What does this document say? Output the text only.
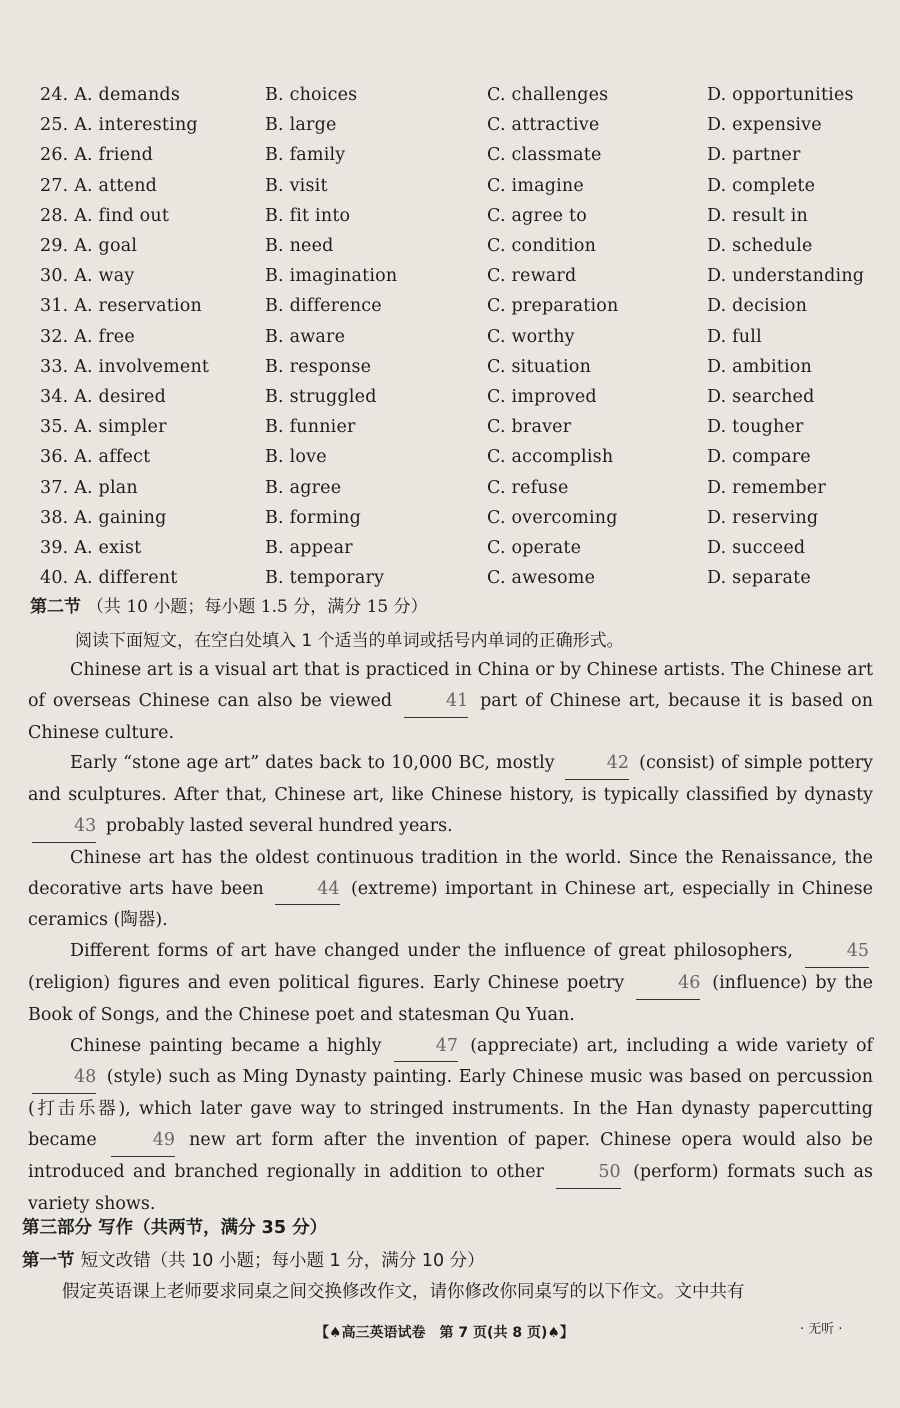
24. A. demands	B. choices	C. challenges	D. opportunities
25. A. interesting	B. large	C. attractive	D. expensive
26. A. friend	B. family	C. classmate	D. partner
27. A. attend	B. visit	C. imagine	D. complete
28. A. find out	B. fit into	C. agree to	D. result in
29. A. goal	B. need	C. condition	D. schedule
30. A. way	B. imagination	C. reward	D. understanding
31. A. reservation	B. difference	C. preparation	D. decision
32. A. free	B. aware	C. worthy	D. full
33. A. involvement	B. response	C. situation	D. ambition
34. A. desired	B. struggled	C. improved	D. searched
35. A. simpler	B. funnier	C. braver	D. tougher
36. A. affect	B. love	C. accomplish	D. compare
37. A. plan	B. agree	C. refuse	D. remember
38. A. gaining	B. forming	C. overcoming	D. reserving
39. A. exist	B. appear	C. operate	D. succeed
40. A. different	B. temporary	C. awesome	D. separate
第二节 （共 10 小题；每小题 1.5 分，满分 15 分）
阅读下面短文，在空白处填入 1 个适当的单词或括号内单词的正确形式。

Chinese art is a visual art that is practiced in China or by Chinese artists. The Chinese art of overseas Chinese can also be viewed	41 part of Chinese art, because it is based on Chinese culture.

Early “stone age art” dates back to 10,000 BC, mostly	42 (consist) of simple pottery and sculptures. After that, Chinese art, like Chinese history, is typically classified by dynasty 43 probably lasted several hundred years.

Chinese art has the oldest continuous tradition in the world. Since the Renaissance, the decorative arts have been	44 (extreme) important in Chinese art, especially in Chinese ceramics (陶器).

Different forms of art have changed under the influence of great philosophers,	45 (religion) figures and even political figures. Early Chinese poetry	46 (influence) by the Book of Songs, and the Chinese poet and statesman Qu Yuan.

Chinese painting became a highly	47 (appreciate) art, including a wide variety of 48 (style) such as Ming Dynasty painting. Early Chinese music was based on percussion (打击乐器), which later gave way to stringed instruments. In the Han dynasty papercutting became	49 new art form after the invention of paper. Chinese opera would also be introduced and branched regionally in addition to other	50 (perform) formats such as variety shows.

第三部分 写作（共两节，满分 35 分）
第一节 短文改错（共 10 小题；每小题 1 分，满分 10 分）
假定英语课上老师要求同桌之间交换修改作文，请你修改你同桌写的以下作文。文中共有
【♠高三英语试卷　第 7 页(共 8 页)♠】	· 无听 ·
